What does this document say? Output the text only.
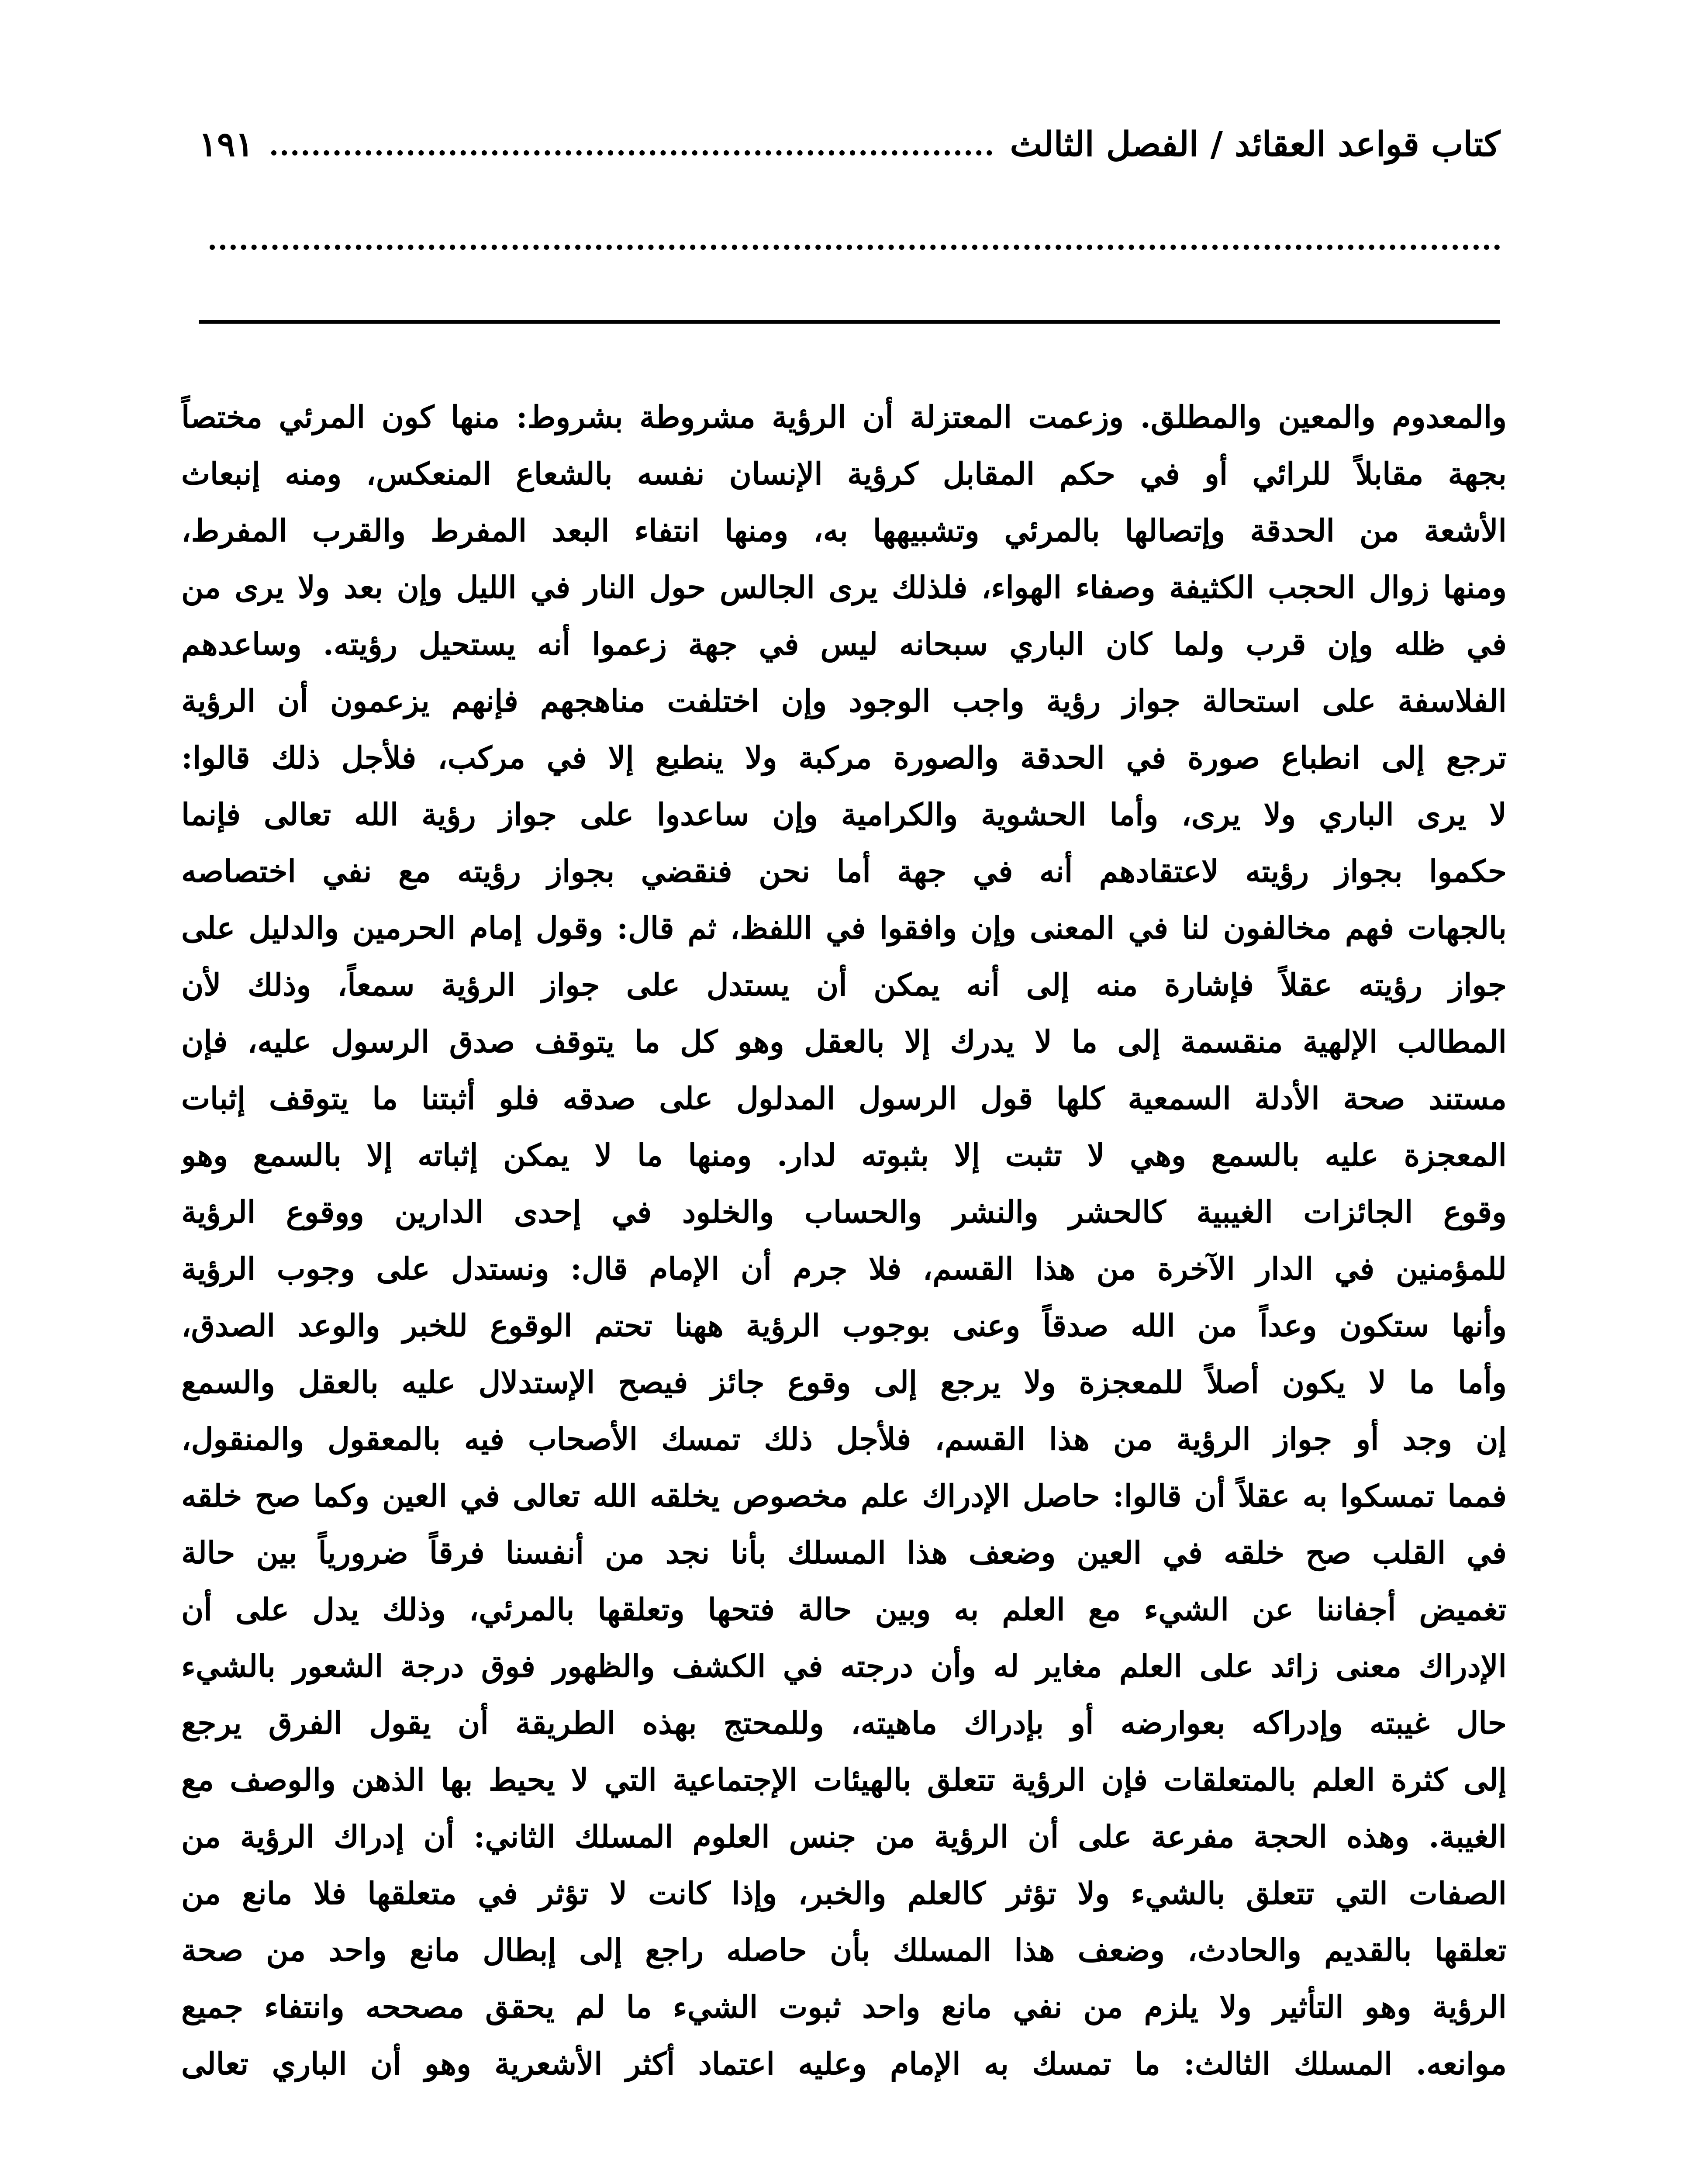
كتاب قواعد العقائد / الفصل الثالث
١٩١
والمعدوم والمعين والمطلق. وزعمت المعتزلة أن الرؤية مشروطة بشروط: منها كون المرئي مختصاً
بجهة مقابلاً للرائي أو في حكم المقابل كرؤية الإنسان نفسه بالشعاع المنعكس، ومنه إنبعاث
الأشعة من الحدقة وإتصالها بالمرئي وتشبيهها به، ومنها انتفاء البعد المفرط والقرب المفرط،
ومنها زوال الحجب الكثيفة وصفاء الهواء، فلذلك يرى الجالس حول النار في الليل وإن بعد ولا يرى من
في ظله وإن قرب ولما كان الباري سبحانه ليس في جهة زعموا أنه يستحيل رؤيته. وساعدهم
الفلاسفة على استحالة جواز رؤية واجب الوجود وإن اختلفت مناهجهم فإنهم يزعمون أن الرؤية
ترجع إلى انطباع صورة في الحدقة والصورة مركبة ولا ينطبع إلا في مركب، فلأجل ذلك قالوا:
لا يرى الباري ولا يرى، وأما الحشوية والكرامية وإن ساعدوا على جواز رؤية الله تعالى فإنما
حكموا بجواز رؤيته لاعتقادهم أنه في جهة أما نحن فنقضي بجواز رؤيته مع نفي اختصاصه
بالجهات فهم مخالفون لنا في المعنى وإن وافقوا في اللفظ، ثم قال: وقول إمام الحرمين والدليل على
جواز رؤيته عقلاً فإشارة منه إلى أنه يمكن أن يستدل على جواز الرؤية سمعاً، وذلك لأن
المطالب الإلهية منقسمة إلى ما لا يدرك إلا بالعقل وهو كل ما يتوقف صدق الرسول عليه، فإن
مستند صحة الأدلة السمعية كلها قول الرسول المدلول على صدقه فلو أثبتنا ما يتوقف إثبات
المعجزة عليه بالسمع وهي لا تثبت إلا بثبوته لدار. ومنها ما لا يمكن إثباته إلا بالسمع وهو
وقوع الجائزات الغيبية كالحشر والنشر والحساب والخلود في إحدى الدارين ووقوع الرؤية
للمؤمنين في الدار الآخرة من هذا القسم، فلا جرم أن الإمام قال: ونستدل على وجوب الرؤية
وأنها ستكون وعداً من الله صدقاً وعنى بوجوب الرؤية ههنا تحتم الوقوع للخبر والوعد الصدق،
وأما ما لا يكون أصلاً للمعجزة ولا يرجع إلى وقوع جائز فيصح الإستدلال عليه بالعقل والسمع
إن وجد أو جواز الرؤية من هذا القسم، فلأجل ذلك تمسك الأصحاب فيه بالمعقول والمنقول،
فمما تمسكوا به عقلاً أن قالوا: حاصل الإدراك علم مخصوص يخلقه الله تعالى في العين وكما صح خلقه
في القلب صح خلقه في العين وضعف هذا المسلك بأنا نجد من أنفسنا فرقاً ضرورياً بين حالة
تغميض أجفاننا عن الشيء مع العلم به وبين حالة فتحها وتعلقها بالمرئي، وذلك يدل على أن
الإدراك معنى زائد على العلم مغاير له وأن درجته في الكشف والظهور فوق درجة الشعور بالشيء
حال غيبته وإدراكه بعوارضه أو بإدراك ماهيته، وللمحتج بهذه الطريقة أن يقول الفرق يرجع
إلى كثرة العلم بالمتعلقات فإن الرؤية تتعلق بالهيئات الإجتماعية التي لا يحيط بها الذهن والوصف مع
الغيبة. وهذه الحجة مفرعة على أن الرؤية من جنس العلوم المسلك الثاني: أن إدراك الرؤية من
الصفات التي تتعلق بالشيء ولا تؤثر كالعلم والخبر، وإذا كانت لا تؤثر في متعلقها فلا مانع من
تعلقها بالقديم والحادث، وضعف هذا المسلك بأن حاصله راجع إلى إبطال مانع واحد من صحة
الرؤية وهو التأثير ولا يلزم من نفي مانع واحد ثبوت الشيء ما لم يحقق مصححه وانتفاء جميع
موانعه. المسلك الثالث: ما تمسك به الإمام وعليه اعتماد أكثر الأشعرية وهو أن الباري تعالى
